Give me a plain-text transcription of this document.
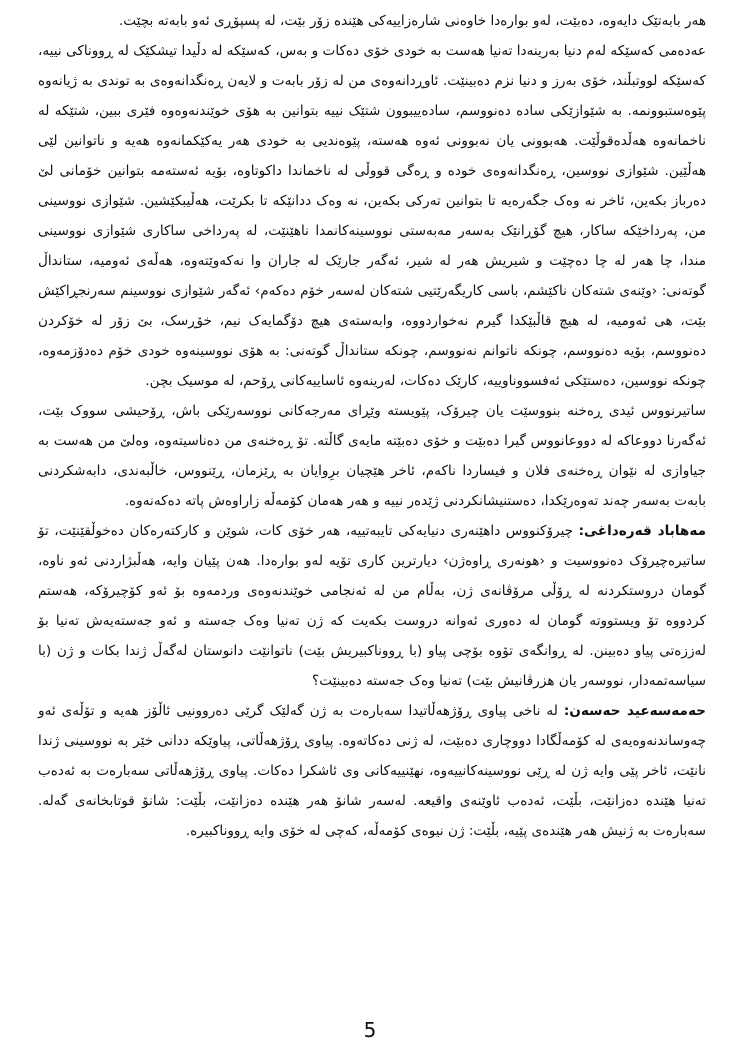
هەر بابەتێک دایەوە، دەبێت، لەو بوارەدا خاوەنی شارەزاییەکی هێندە زۆر بێت، لە پسپۆڕی ئەو بابەتە بچێت.

عەدەمی کەسێکە لەم دنیا بەرینەدا تەنیا هەست بە خودی خۆی دەکات و بەس، کەسێکە لە دڵیدا تیشکێک لە ڕووناکی نییە، کەسێکە لووتبڵند، خۆی بەرز و دنیا نزم دەبینێت. ئاوڕدانەوەی من لە زۆر بابەت و لایەن ڕەنگدانەوەی بە توندی بە ژیانەوە پێوەستبوونمە. بە شێوازێکی سادە دەنووسم، سادەییبوون شتێک نییە بتوانین بە هۆی خوێندنەوەوە فێری ببین، شتێکە لە ناخمانەوە هەڵدەقوڵێت. هەبوونی یان نەبوونی ئەوە هەستە، پێوەندیی بە خودی هەر یەکێکمانەوە هەیە و ناتوانین لێی هەڵێین. شێوازی نووسین، ڕەنگدانەوەی خودە و ڕەگی قووڵی لە ناخماندا داکوتاوە، بۆیە ئەستەمە بتوانین خۆمانی لێ دەرباز بکەین، ئاخر نە وەک جگەرەیە تا بتوانین تەرکی بکەین، نە وەک ددانێکە تا بکرێت، هەڵیبکێشین. شێوازی نووسینی من، پەرداخێکە ساکار، هیچ گۆڕانێک بەسەر مەبەستی نووسینەکانمدا ناهێنێت، لە پەرداخی ساکاری شێوازی نووسینی مندا، چا هەر لە چا دەچێت و شیریش هەر لە شیر، ئەگەر جارێک لە جاران وا نەکەوێتەوە، هەڵەی ئەومیە، ستانداڵ گوتەنی: ‹وێنەی شتەکان ناکێشم، باسی کاریگەرێتیی شتەکان لەسەر خۆم دەکەم› ئەگەر شێوازی نووسینم سەرنجڕاکێش بێت، هی ئەومیە، لە هیچ قاڵبێکدا گیرم نەخواردووە، وابەستەی هیچ دۆگمایەک نیم، خۆڕسک، بێ زۆر لە خۆکردن دەنووسم، بۆیە دەنووسم، چونکە ناتوانم نەنووسم، چونکە ستانداڵ گوتەنی: بە هۆی نووسینەوە خودی خۆم دەدۆزمەوە، چونکە نووسین، دەستێکی ئەفسووناوییە، کارێک دەکات، لەرینەوە ئاساییەکانی ڕۆحم، لە موسیک بچن.

ساتیرنووس ئیدی ڕەخنە بنووسێت یان چیرۆک، پێویستە وێڕای مەرجەکانی نووسەرێکی باش، ڕۆحیشی سووک بێت، ئەگەرنا دووعاکە لە دووعانووس گیرا دەبێت و خۆی دەبێتە مایەی گاڵتە. تۆ ڕەخنەی من دەناسیتەوە، وەلێ من هەست بە جیاوازی لە نێوان ڕەخنەی فلان و فیساردا ناکەم، ئاخر هێچیان برِوایان بە ڕێزمان، ڕێنووس، خاڵبەندی، دابەشکردنی بابەت بەسەر چەند تەوەرێکدا، دەستنیشانکردنی ژێدەر نییە و هەر هەمان کۆمەڵە زاراوەش پاتە دەکەنەوە.

مەهاباد قەرەداغی: چیرۆکنووس داهێنەری دنیایەکی تایبەتییە، هەر خۆی کات، شوێن و کارکتەرەکان دەخوڵقێنێت، تۆ ساتیرەچیرۆک دەنووسیت و ‹هونەری ڕاوەژن› دیارترین کاری تۆیە لەو بوارەدا. هەن پێیان وایە، هەڵبژاردنی ئەو ناوە، گومان دروستکردنە لە ڕۆڵی مرۆڤانەی ژن، بەڵام من لە ئەنجامی خوێندنەوەی وردمەوە بۆ ئەو کۆچیرۆکە، هەستم کردووە تۆ ویستووتە گومان لە دەوری ئەوانە دروست بکەیت کە ژن تەنیا وەک جەستە و ئەو جەستەیەش تەنیا بۆ لەززەتی پیاو دەبینن. لە ڕوانگەی تۆوە بۆچی پیاو (با ڕووناکبیریش بێت) ناتوانێت دانوستان لەگەڵ ژندا بکات و ژن (با سیاسەتمەدار، نووسەر یان هزرڤانیش بێت) تەنیا وەک جەستە دەبینێت؟

حەمەسەعید حەسەن: لە ناخی پیاوی ڕۆژهەڵاتیدا سەبارەت بە ژن گەلێک گرێی دەروونیی ئاڵۆز هەیە و تۆڵەی ئەو چەوساندنەوەیەی لە کۆمەڵگادا دووچاری دەبێت، لە ژنی دەکاتەوە. پیاوی ڕۆژهەڵاتی، پیاوێکە ددانی خێر بە نووسینی ژندا نانێت، ئاخر پێی وایە ژن لە ڕێی نووسینەکانییەوە، نهێنییەکانی وی ئاشکرا دەکات. پیاوی ڕۆژهەڵاتی سەبارەت بە ئەدەب تەنیا هێندە دەزانێت، بڵێت، ئەدەب ئاوێنەی واقیعە. لەسەر شانۆ هەر هێندە دەزانێت، بڵێت: شانۆ قوتابخانەی گەلە. سەبارەت بە ژنیش هەر هێندەی پێیە، بڵێت: ژن نیوەی کۆمەڵە، کەچی لە خۆی وایە ڕووناکبیرە.

5
